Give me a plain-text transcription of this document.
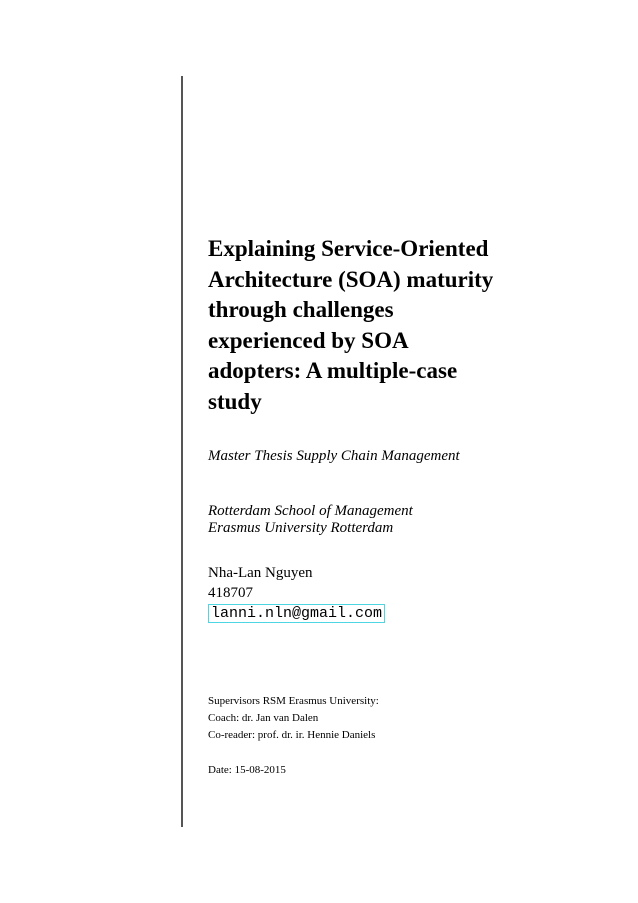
Explaining Service-Oriented
Architecture (SOA) maturity
through challenges
experienced by SOA
adopters: A multiple-case
study

Master Thesis Supply Chain Management

Rotterdam School of Management
Erasmus University Rotterdam
Nha-Lan Nguyen
418707
lanni.nln@gmail.com
Supervisors RSM Erasmus University:
Coach: dr. Jan van Dalen
Co-reader: prof. dr. ir. Hennie Daniels
Date: 15-08-2015
